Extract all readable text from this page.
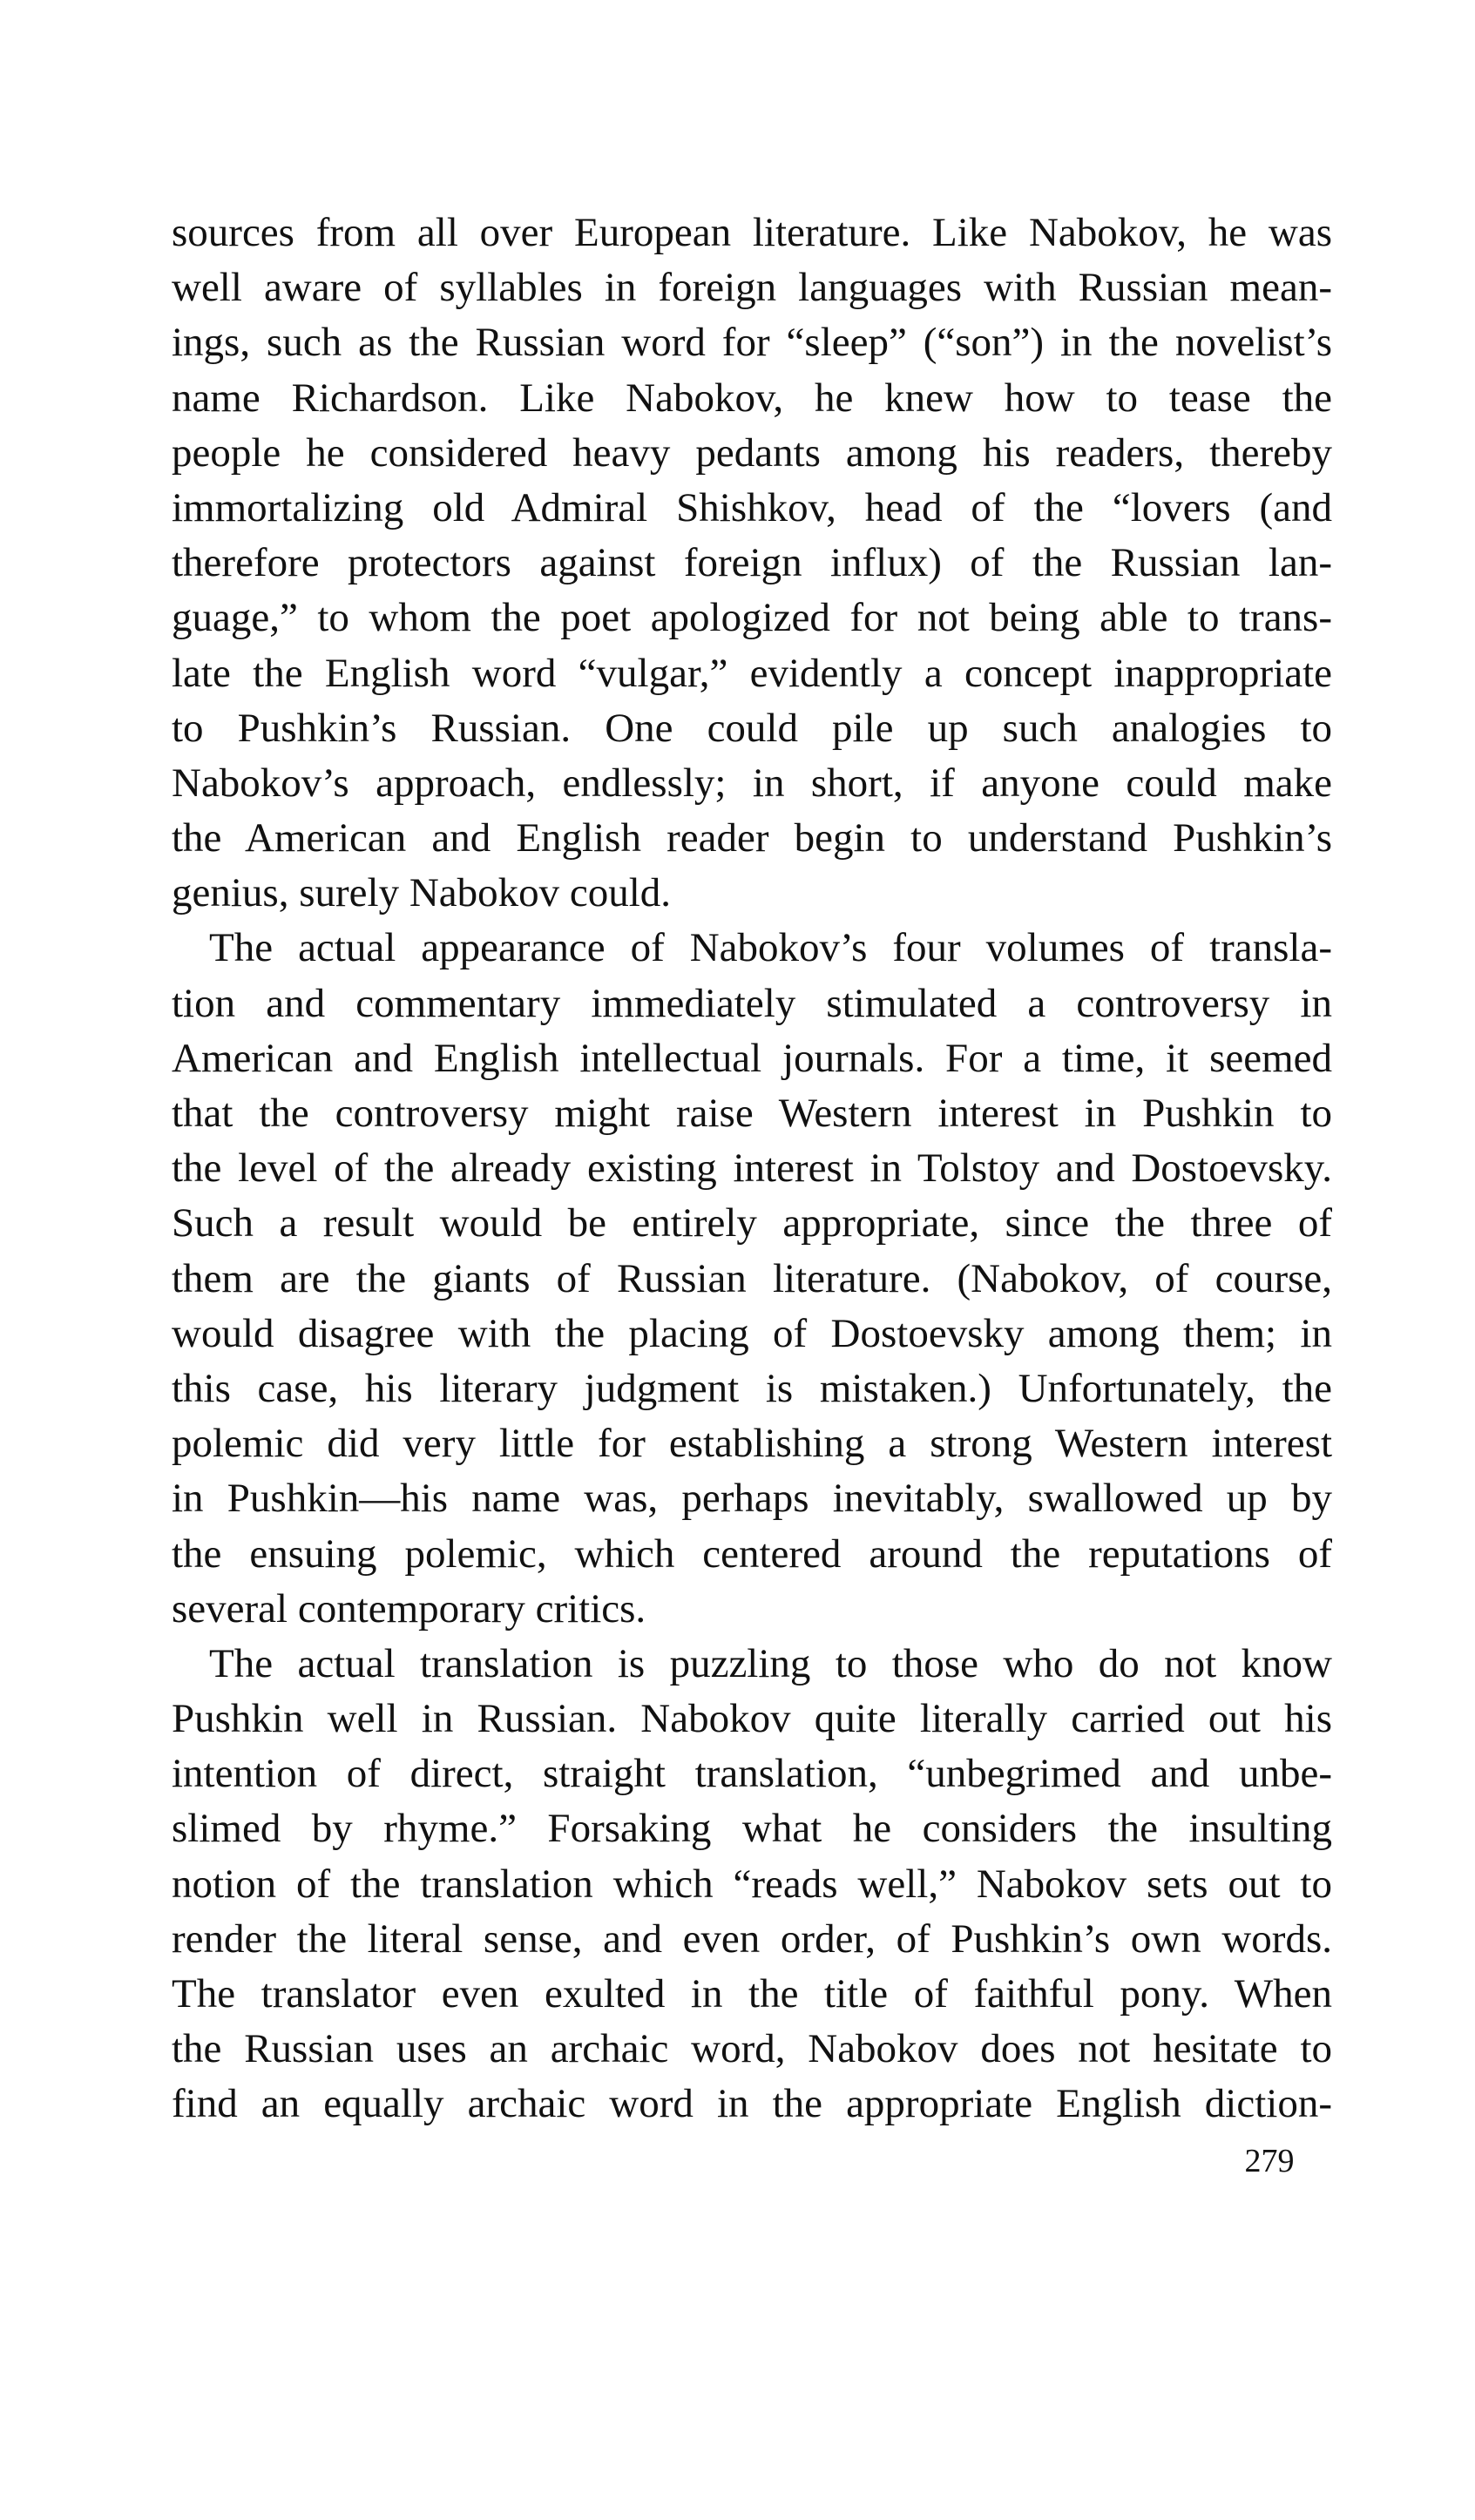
sources from all over European literature. Like Nabokov, he was
well aware of syllables in foreign languages with Russian mean-
ings, such as the Russian word for “sleep” (“son”) in the novelist’s
name Richardson. Like Nabokov, he knew how to tease the
people he considered heavy pedants among his readers, thereby
immortalizing old Admiral Shishkov, head of the “lovers (and
therefore protectors against foreign influx) of the Russian lan-
guage,” to whom the poet apologized for not being able to trans-
late the English word “vulgar,” evidently a concept inappropriate
to Pushkin’s Russian. One could pile up such analogies to
Nabokov’s approach, endlessly; in short, if anyone could make
the American and English reader begin to understand Pushkin’s
genius, surely Nabokov could.
The actual appearance of Nabokov’s four volumes of transla-
tion and commentary immediately stimulated a controversy in
American and English intellectual journals. For a time, it seemed
that the controversy might raise Western interest in Pushkin to
the level of the already existing interest in Tolstoy and Dostoevsky.
Such a result would be entirely appropriate, since the three of
them are the giants of Russian literature. (Nabokov, of course,
would disagree with the placing of Dostoevsky among them; in
this case, his literary judgment is mistaken.) Unfortunately, the
polemic did very little for establishing a strong Western interest
in Pushkin—his name was, perhaps inevitably, swallowed up by
the ensuing polemic, which centered around the reputations of
several contemporary critics.
The actual translation is puzzling to those who do not know
Pushkin well in Russian. Nabokov quite literally carried out his
intention of direct, straight translation, “unbegrimed and unbe-
slimed by rhyme.” Forsaking what he considers the insulting
notion of the translation which “reads well,” Nabokov sets out to
render the literal sense, and even order, of Pushkin’s own words.
The translator even exulted in the title of faithful pony. When
the Russian uses an archaic word, Nabokov does not hesitate to
find an equally archaic word in the appropriate English diction-
279
